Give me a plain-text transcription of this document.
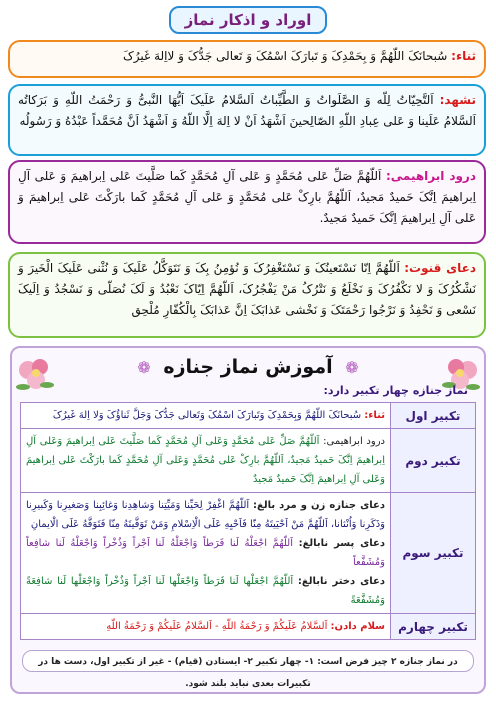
اوراد و اذکار نماز
ثناء: سُبحانَکَ اللّهُمَّ وَ بِحَمْدِکَ وَ تَبارَکَ اسْمُکَ وَ تَعالی جَدُّکَ وَ لااِلهَ غَیرُکَ
تشهد: اَلتَّحِیّاتُ لِلّه وَ الصَّلَواتُ وَ الطَّیِّباتُ اَلسَّلامُ عَلَیکَ اَیُّهَا النَّبیُّ وَ رَحْمَتُ اللّهِ وَ بَرَکاتُه اَلسَّلامُ عَلَینا وَ عَلی عِبادِ اللّهِ الصّالِحینَ اَشْهَدُ اَنْ لا اِلهَ اِلَّا اللّهُ وَ اَشْهَدُ اَنَّ مُحَمَّداً عَبْدُهُ وَ رَسُولُه
درود ابراهیمی: اَللّهُمَّ صَلِّ عَلی مُحَمَّدٍ وَ عَلی آلِ مُحَمَّدٍ کَما صَلَّیتَ عَلی اِبراهیمَ وَ عَلی آلِ اِبراهیمَ اِنَّکَ حَمیدٌ مَجیدٌ، اَللّهُمَّ بارِکْ عَلی مُحَمَّدٍ وَ عَلی آلِ مُحَمَّدٍ کَما بارَکْتَ عَلی اِبراهیمَ وَ عَلی آلِ اِبراهیمَ اِنَّکَ حَمیدٌ مَجیدٌ.
دعای قنوت: اَللّهُمَّ اِنّا نَسْتَعینُکَ وَ نَسْتَغْفِرُکَ وَ نُؤمِنُ بِکَ وَ نَتَوَکَّلُ عَلَیکَ وَ نُثْنی عَلَیکَ الْخَیرَ وَ نَشْکُرُکَ وَ لا نَکْفُرُکَ وَ نَخْلَعُ وَ نَتْرُکُ مَنْ یَفْجُرُکَ، اَللّهُمَّ اِیّاکَ نَعْبُدُ وَ لَکَ نُصَلّی وَ نَسْجُدُ وَ اِلَیکَ نَسْعی وَ نَحْفِدُ وَ نَرْجُوا رَحْمَتَکَ وَ نَخْشی عَذابَکَ اِنَّ عَذابَکَ بِالْکُفّارِ مُلْحِق
❁ آموزش نماز جنازه ❁
نماز جنازه چهار تکبیر دارد:
تکبیر اول	ثناء: سُبحانَکَ اللّهُمَّ وَبِحَمْدِکَ وَتَبارَکَ اسْمُکَ وَتَعالی جَدُّکَ وَجَلَّ ثَناؤُکَ وَلا اِلهَ غَیرُکَ
تکبیر دوم	درود ابراهیمی: اَللّهُمَّ صَلِّ عَلی مُحَمَّدٍ وَعَلی آلِ مُحَمَّدٍ کَما صَلَّیتَ عَلی اِبراهیمَ وَعَلی آلِ اِبراهیمَ اِنَّکَ حَمیدٌ مَجیدٌ، اَللّهُمَّ بارِکْ عَلی مُحَمَّدٍ وَعَلی آلِ مُحَمَّدٍ کَما بارَکْتَ عَلی اِبراهیمَ وَعَلی آلِ اِبراهیمَ اِنَّکَ حَمیدٌ مَجیدٌ
تکبیر سوم	دعای جنازه زن و مرد بالغ: اَللّهُمَّ اغْفِرْ لِحَیِّنا وَمَیِّتِنا وَشاهِدِنا وَغائِبِنا وَصَغیرِنا وَکَبیرِنا وَذَکَرِنا وَاُنْثانا، اَللّهُمَّ مَنْ اَحْیَیتَهُ مِنّا فَاَحْیِهِ عَلَی الْاِسْلامِ وَمَنْ تَوَفَّیتَهُ مِنّا فَتَوَفَّهُ عَلَی الْایمانِ
دعای پسر نابالغ: اَللّهُمَّ اجْعَلْهُ لَنا فَرَطاً وَاجْعَلْهُ لَنا اَجْراً وَذُخْراً وَاجْعَلْهُ لَنا شافِعاً وَمُشَفَّعاً
دعای دختر نابالغ: اَللّهُمَّ اجْعَلْها لَنا فَرَطاً وَاجْعَلْها لَنا اَجْراً وَذُخْراً وَاجْعَلْها لَنا شافِعَةً وَمُشَفَّعَةً

تکبیر چهارم	سلام دادن: اَلسَّلامُ عَلَیکُمْ وَ رَحْمَةُ اللّهِ - اَلسَّلامُ عَلَیکُمْ وَ رَحْمَةُ اللّهِ
در نماز جنازه ۲ چیز فرض است: ۱- چهار تکبیر ۲- ایستادن (قیام) - غیر از تکبیر اول، دست ها در تکبیرات بعدی نباید بلند شود.
